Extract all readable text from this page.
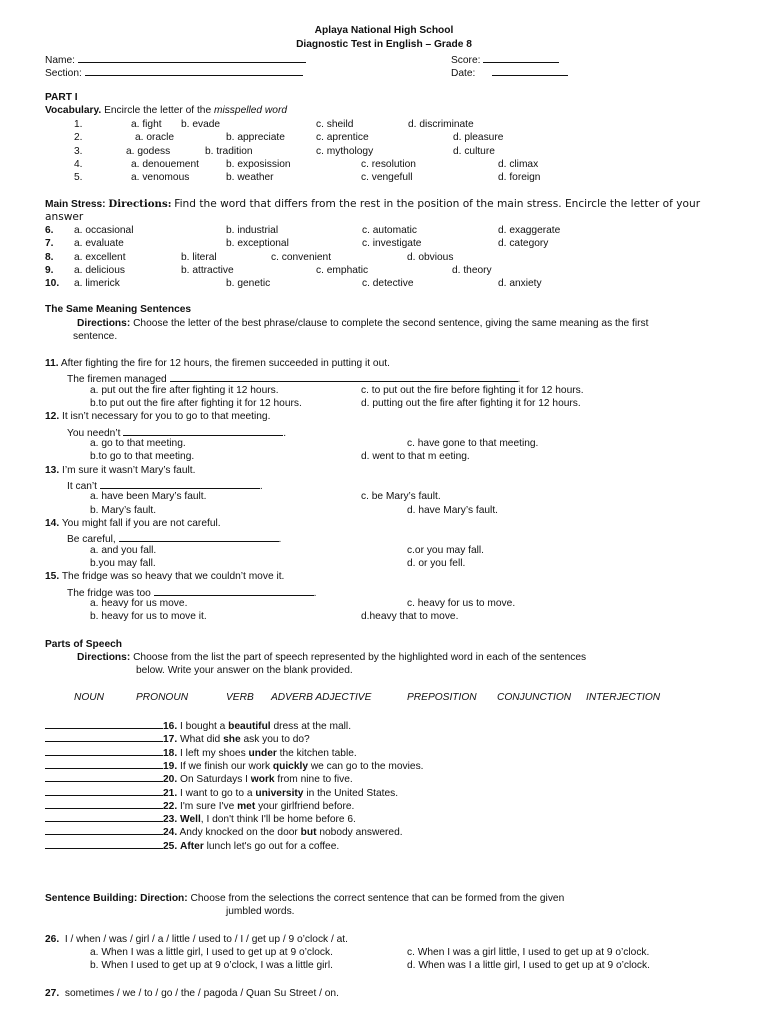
Aplaya National High School
Diagnostic Test in English – Grade 8
Name:
Section:
Score:
Date:
PART I
Vocabulary. Encircle the letter of the misspelled word
1.	a. fight b. evade	c. sheild	d. discriminate
2.	a. oracle	b. appreciate	c. aprentice	d. pleasure
3.	a. godess	b. tradition	c. mythology	d. culture
4.	a. denouement	b. exposission	c. resolution	d. climax
5.	a. venomous	b. weather	c. vengefull	d. foreign
Main Stress: Directions: Find the word that differs from the rest in the position of the main stress. Encircle the letter of your
answer
6. a. occasional	b. industrial	c. automatic	d. exaggerate
7. a. evaluate	b. exceptional	c. investigate	d. category
8. a. excellent	b. literal	c. convenient	d. obvious
9. a. delicious	b. attractive	c. emphatic	d. theory
10. a. limerick	b. genetic	c. detective	d. anxiety
The Same Meaning Sentences
Directions: Choose the letter of the best phrase/clause to complete the second sentence, giving the same meaning as the first
sentence.
11. After fighting the fire for 12 hours, the firemen succeeded in putting it out.
The firemen managed	.
a. put out the fire after fighting it 12 hours.	c. to put out the fire before fighting it for 12 hours.
b.to put out the fire after fighting it for 12 hours.	d. putting out the fire after fighting it for 12 hours.
12. It isn’t necessary for you to go to that meeting.
You needn’t	.
a. go to that meeting.	c. have gone to that meeting.
b.to go to that meeting.	d. went to that m eeting.
13. I’m sure it wasn’t Mary’s fault.
It can’t	.
a. have been Mary’s fault.	c. be Mary’s fault.
b. Mary’s fault.	d. have Mary’s fault.
14. You might fall if you are not careful.
Be careful,	.
a. and you fall.	c.or you may fall.
b.you may fall.	d. or you fell.
15. The fridge was so heavy that we couldn’t move it.
The fridge was too	.
a. heavy for us move.	c. heavy for us to move.
b. heavy for us to move it.	d.heavy that to move.
Parts of Speech
Directions: Choose from the list the part of speech represented by the highlighted word in each of the sentences
below. Write your answer on the blank provided.
NOUN	PRONOUN	VERB ADVERB ADJECTIVE	PREPOSITION CONJUNCTION INTERJECTION
16. I bought a beautiful dress at the mall.
17. What did she ask you to do?
18. I left my shoes under the kitchen table.
19. If we finish our work quickly we can go to the movies.
20. On Saturdays I work from nine to five.
21. I want to go to a university in the United States.
22. I'm sure I've met your girlfriend before.
23. Well, I don't think I'll be home before 6.
24. Andy knocked on the door but nobody answered.
25. After lunch let's go out for a coffee.
Sentence Building: Direction: Choose from the selections the correct sentence that can be formed from the given
jumbled words.
26. I / when / was / girl / a / little / used to / I / get up / 9 o’clock / at.
a. When I was a little girl, I used to get up at 9 o’clock.	c. When I was a girl little, I used to get up at 9 o’clock.
b. When I used to get up at 9 o’clock, I was a little girl.	d. When was I a little girl, I used to get up at 9 o’clock.
27. sometimes / we / to / go / the / pagoda / Quan Su Street / on.
